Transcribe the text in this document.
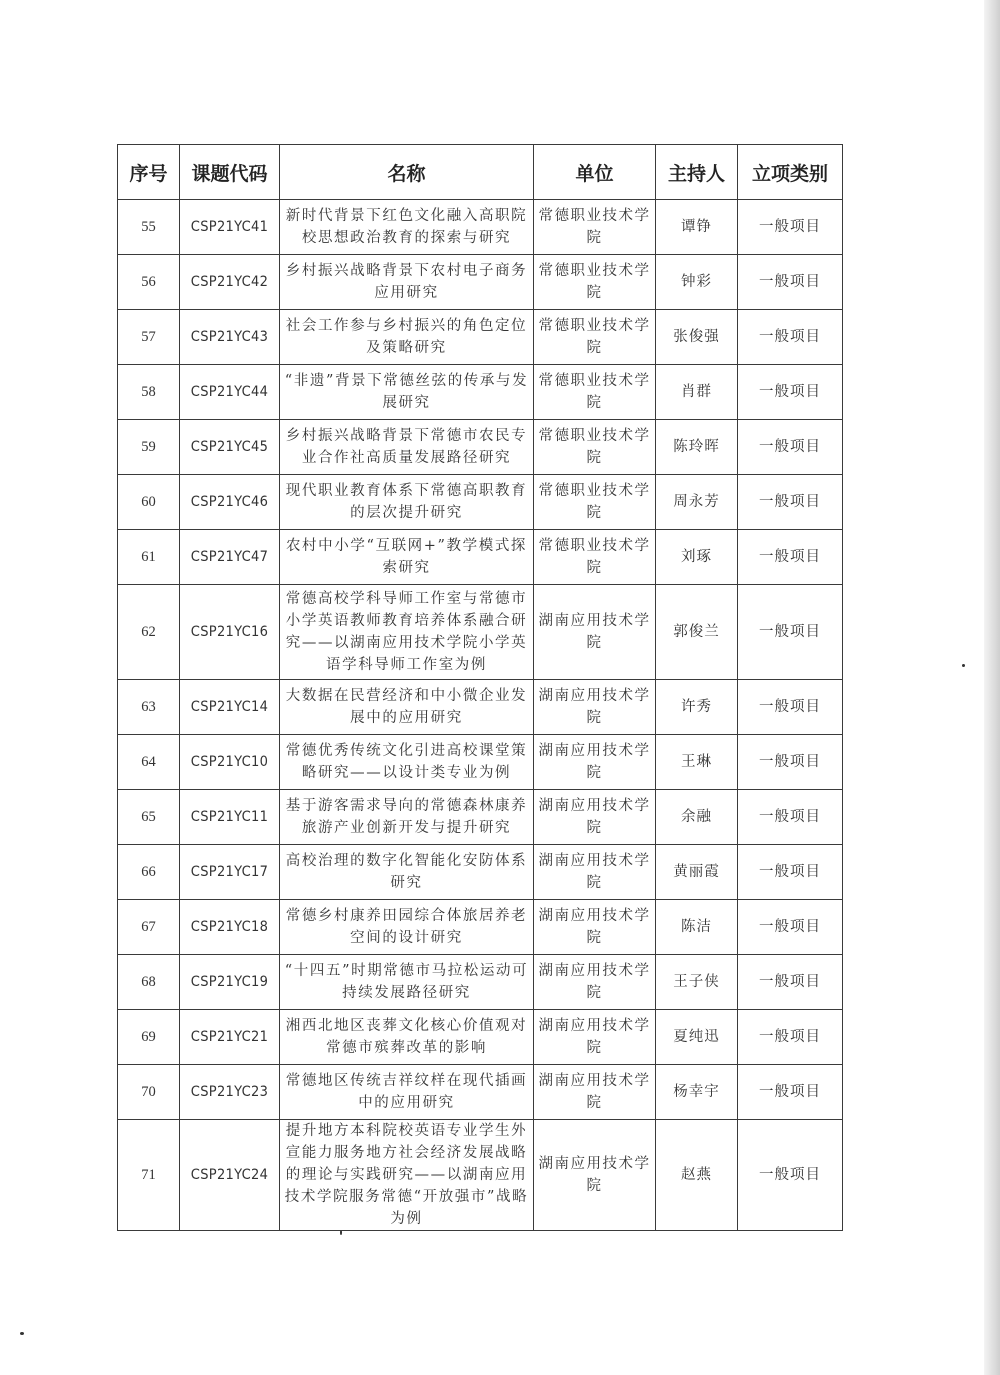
序号	课题代码	名称	单位	主持人	立项类别
55	CSP21YC41	新时代背景下红色文化融入高职院校思想政治教育的探索与研究	常德职业技术学院	谭铮	一般项目
56	CSP21YC42	乡村振兴战略背景下农村电子商务应用研究	常德职业技术学院	钟彩	一般项目
57	CSP21YC43	社会工作参与乡村振兴的角色定位及策略研究	常德职业技术学院	张俊强	一般项目
58	CSP21YC44	“非遗”背景下常德丝弦的传承与发展研究	常德职业技术学院	肖群	一般项目
59	CSP21YC45	乡村振兴战略背景下常德市农民专业合作社高质量发展路径研究	常德职业技术学院	陈玲晖	一般项目
60	CSP21YC46	现代职业教育体系下常德高职教育的层次提升研究	常德职业技术学院	周永芳	一般项目
61	CSP21YC47	农村中小学“互联网+”教学模式探索研究	常德职业技术学院	刘琢	一般项目
62	CSP21YC16	常德高校学科导师工作室与常德市小学英语教师教育培养体系融合研究——以湖南应用技术学院小学英语学科导师工作室为例	湖南应用技术学院	郭俊兰	一般项目
63	CSP21YC14	大数据在民营经济和中小微企业发展中的应用研究	湖南应用技术学院	许秀	一般项目
64	CSP21YC10	常德优秀传统文化引进高校课堂策略研究——以设计类专业为例	湖南应用技术学院	王琳	一般项目
65	CSP21YC11	基于游客需求导向的常德森林康养旅游产业创新开发与提升研究	湖南应用技术学院	余融	一般项目
66	CSP21YC17	高校治理的数字化智能化安防体系研究	湖南应用技术学院	黄丽霞	一般项目
67	CSP21YC18	常德乡村康养田园综合体旅居养老空间的设计研究	湖南应用技术学院	陈洁	一般项目
68	CSP21YC19	“十四五”时期常德市马拉松运动可持续发展路径研究	湖南应用技术学院	王子侠	一般项目
69	CSP21YC21	湘西北地区丧葬文化核心价值观对常德市殡葬改革的影响	湖南应用技术学院	夏纯迅	一般项目
70	CSP21YC23	常德地区传统吉祥纹样在现代插画中的应用研究	湖南应用技术学院	杨幸宇	一般项目
71	CSP21YC24	提升地方本科院校英语专业学生外宣能力服务地方社会经济发展战略的理论与实践研究——以湖南应用技术学院服务常德“开放强市”战略为例	湖南应用技术学院	赵燕	一般项目
